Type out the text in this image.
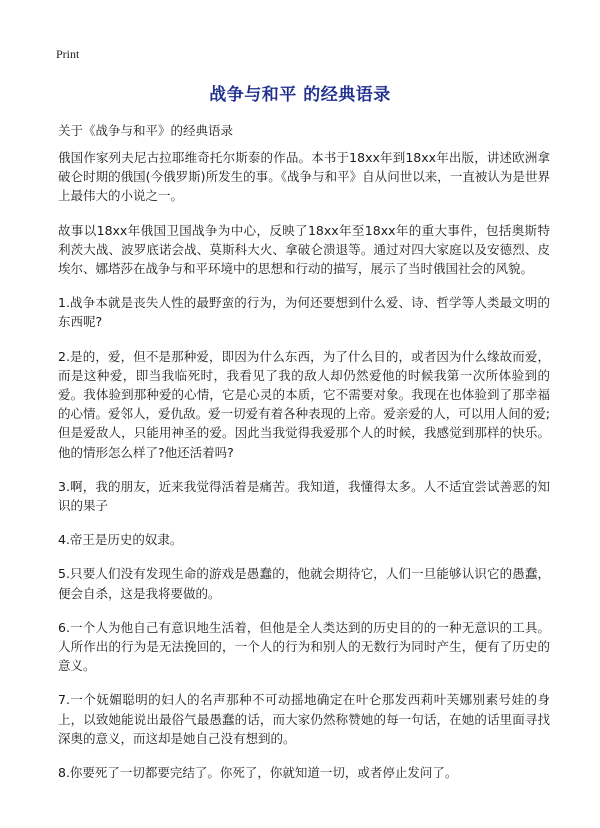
Print
战争与和平 的经典语录
关于《战争与和平》的经典语录

俄国作家列夫尼古拉耶维奇托尔斯泰的作品。本书于18xx年到18xx年出版，讲述欧洲拿破仑时期的俄国(今俄罗斯)所发生的事。《战争与和平》自从问世以来，一直被认为是世界上最伟大的小说之一。

故事以18xx年俄国卫国战争为中心，反映了18xx年至18xx年的重大事件，包括奥斯特利茨大战、波罗底诺会战、莫斯科大火、拿破仑溃退等。通过对四大家庭以及安德烈、皮埃尔、娜塔莎在战争与和平环境中的思想和行动的描写，展示了当时俄国社会的风貌。

1.战争本就是丧失人性的最野蛮的行为，为何还要想到什么爱、诗、哲学等人类最文明的东西呢?

2.是的，爱，但不是那种爱，即因为什么东西，为了什么目的，或者因为什么缘故而爱，而是这种爱，即当我临死时，我看见了我的敌人却仍然爱他的时候我第一次所体验到的爱。我体验到那种爱的心情，它是心灵的本质，它不需要对象。我现在也体验到了那幸福的心情。爱邻人，爱仇敌。爱一切爱有着各种表现的上帝。爱亲爱的人，可以用人间的爱;但是爱敌人，只能用神圣的爱。因此当我觉得我爱那个人的时候，我感觉到那样的快乐。他的情形怎么样了?他还活着吗?

3.啊，我的朋友，近来我觉得活着是痛苦。我知道，我懂得太多。人不适宜尝试善恶的知识的果子

4.帝王是历史的奴隶。

5.只要人们没有发现生命的游戏是愚蠢的，他就会期待它，人们一旦能够认识它的愚蠢，便会自杀，这是我将要做的。

6.一个人为他自己有意识地生活着，但他是全人类达到的历史目的的一种无意识的工具。人所作出的行为是无法挽回的，一个人的行为和别人的无数行为同时产生，便有了历史的意义。

7.一个妩媚聪明的妇人的名声那种不可动摇地确定在叶仑那发西莉叶芙娜别素号娃的身上，以致她能说出最俗气最愚蠢的话，而大家仍然称赞她的每一句话，在她的话里面寻找深奥的意义，而这却是她自己没有想到的。

8.你要死了一切都要完结了。你死了，你就知道一切，或者停止发问了。
